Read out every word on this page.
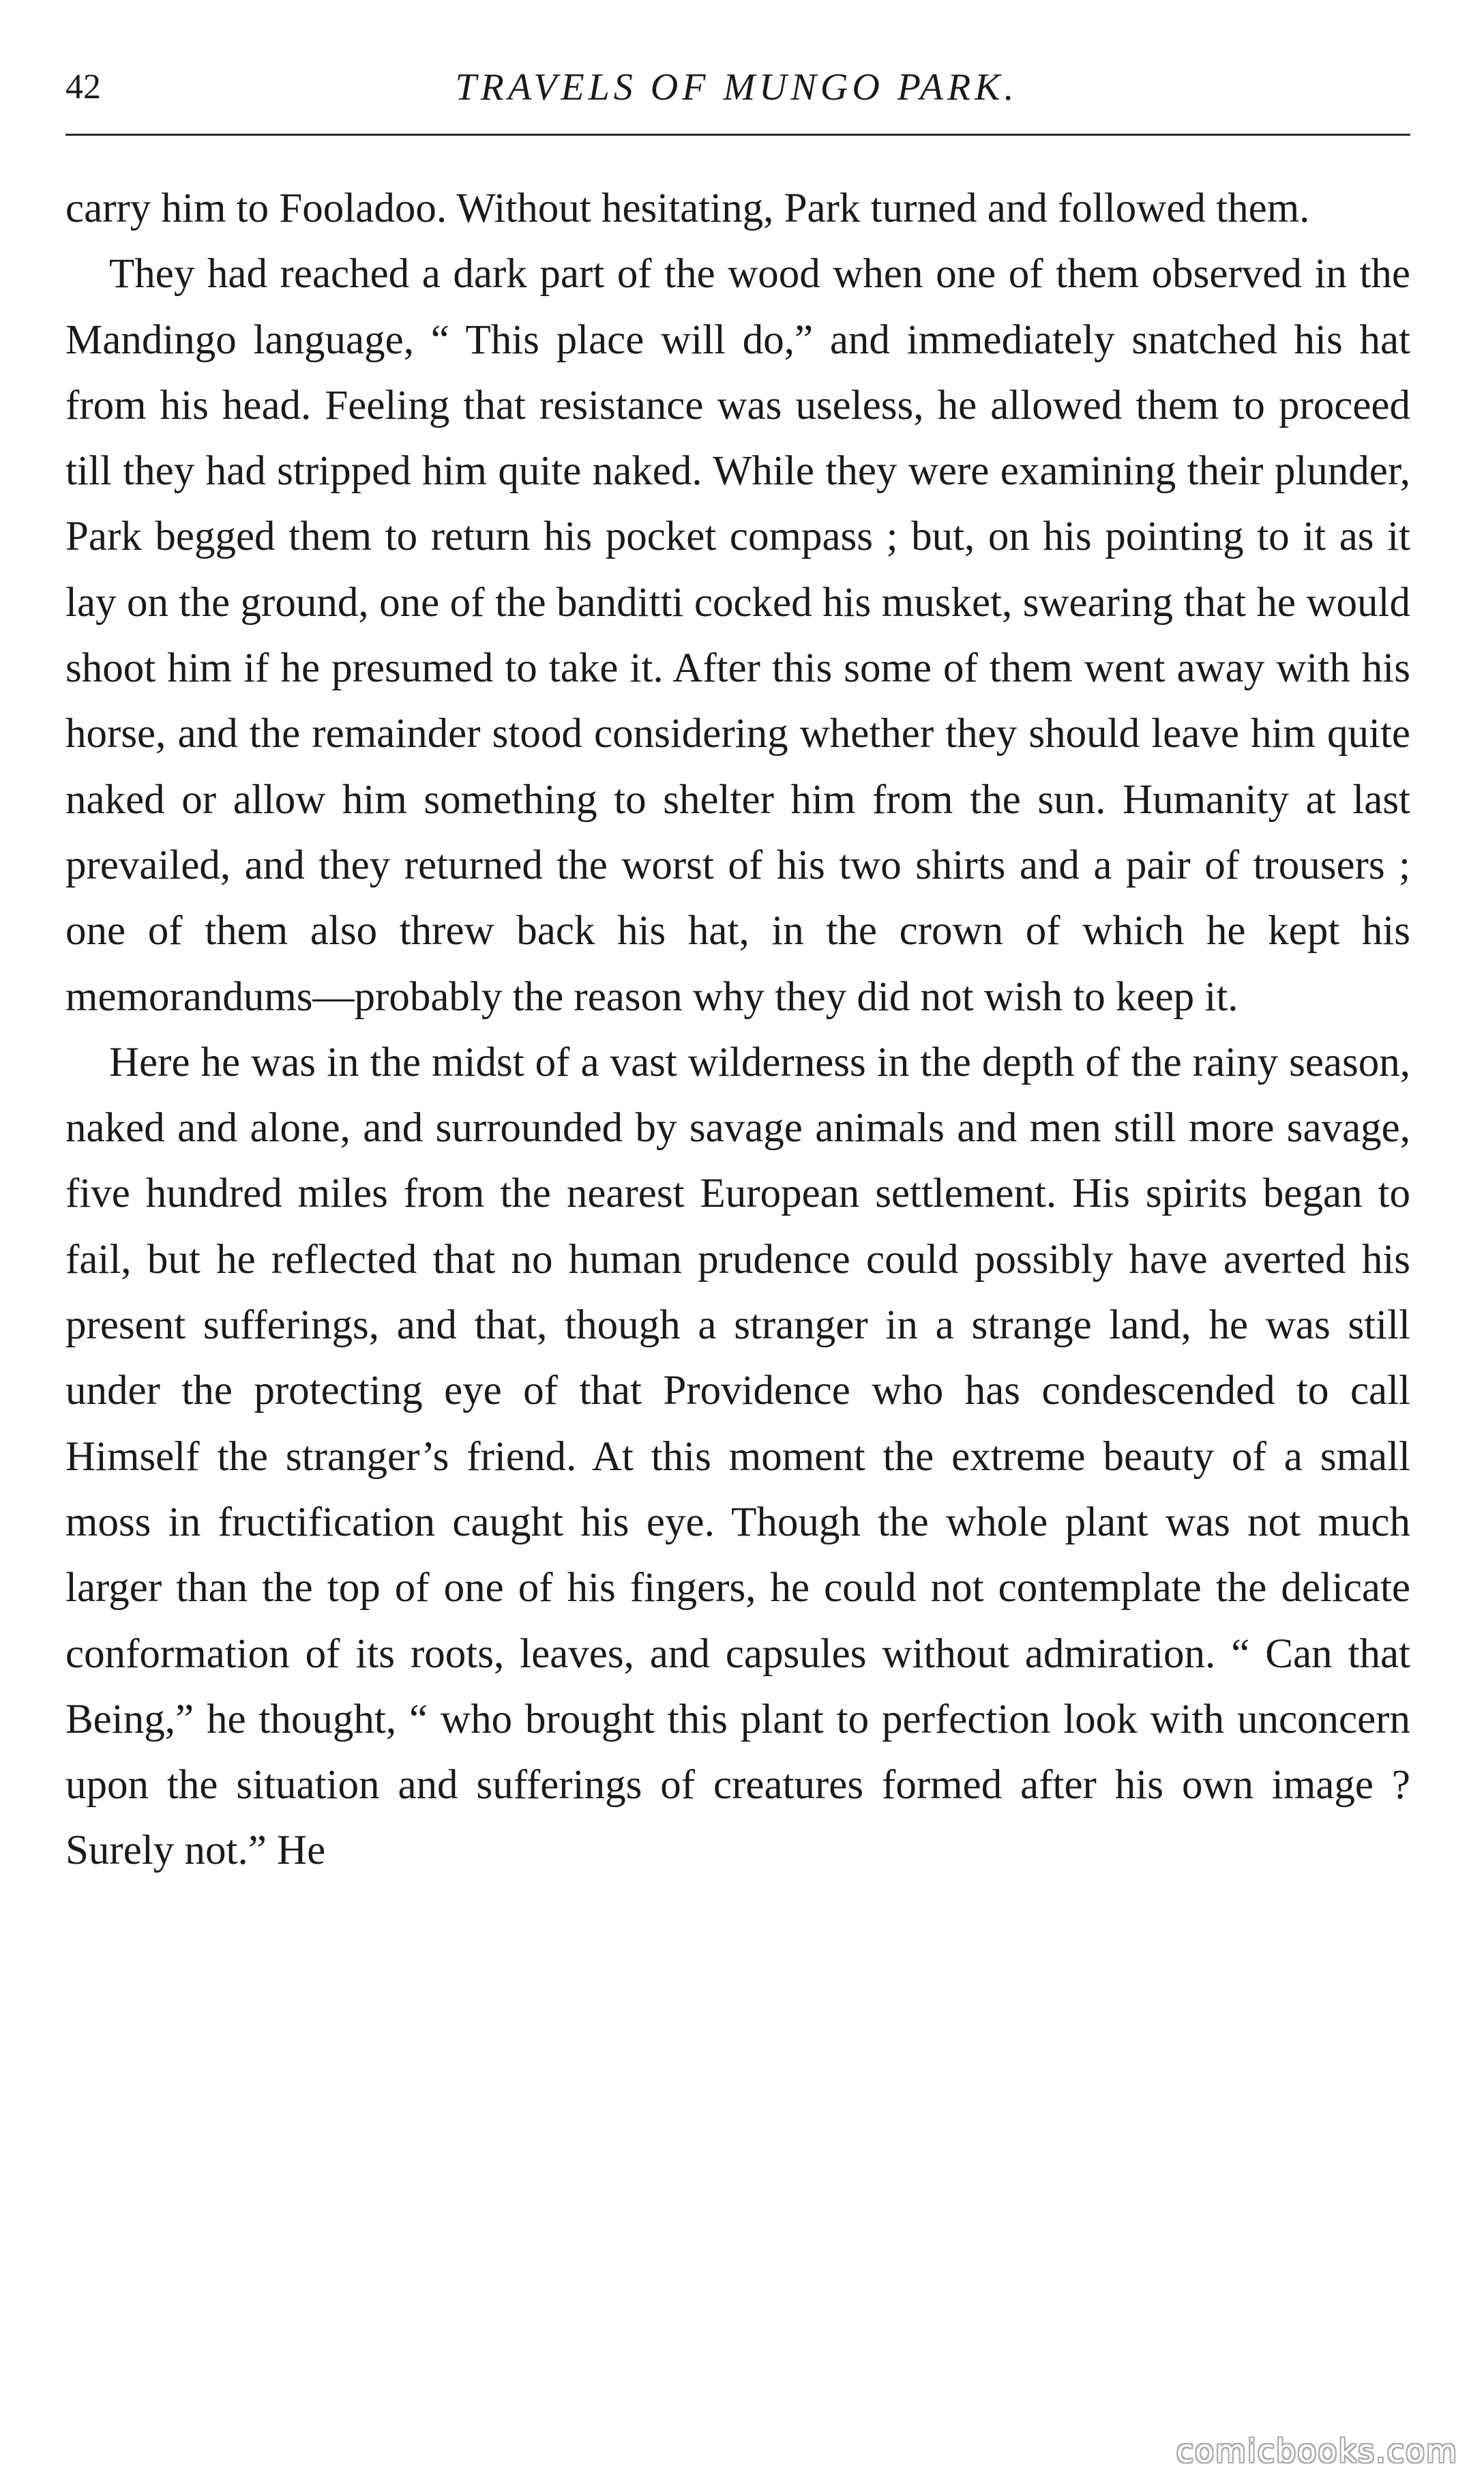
42	TRAVELS OF MUNGO PARK.

carry him to Fooladoo. Without hesitating, Park turned and followed them.

They had reached a dark part of the wood when one of them observed in the Mandingo language, “ This place will do,” and immediately snatched his hat from his head. Feeling that resistance was useless, he allowed them to proceed till they had stripped him quite naked. While they were examining their plunder, Park begged them to return his pocket compass ; but, on his pointing to it as it lay on the ground, one of the banditti cocked his musket, swearing that he would shoot him if he presumed to take it. After this some of them went away with his horse, and the remainder stood considering whether they should leave him quite naked or allow him something to shelter him from the sun. Humanity at last prevailed, and they returned the worst of his two shirts and a pair of trousers ; one of them also threw back his hat, in the crown of which he kept his memorandums—probably the reason why they did not wish to keep it.

Here he was in the midst of a vast wilderness in the depth of the rainy season, naked and alone, and surrounded by savage animals and men still more savage, five hundred miles from the nearest European settlement. His spirits began to fail, but he reflected that no human prudence could possibly have averted his present sufferings, and that, though a stranger in a strange land, he was still under the protecting eye of that Providence who has condescended to call Himself the stranger’s friend. At this moment the extreme beauty of a small moss in fructification caught his eye. Though the whole plant was not much larger than the top of one of his fingers, he could not contemplate the delicate conformation of its roots, leaves, and capsules without admiration. “ Can that Being,” he thought, “ who brought this plant to perfection look with unconcern upon the situation and sufferings of creatures formed after his own image ? Surely not.” He

comicbooks.com
